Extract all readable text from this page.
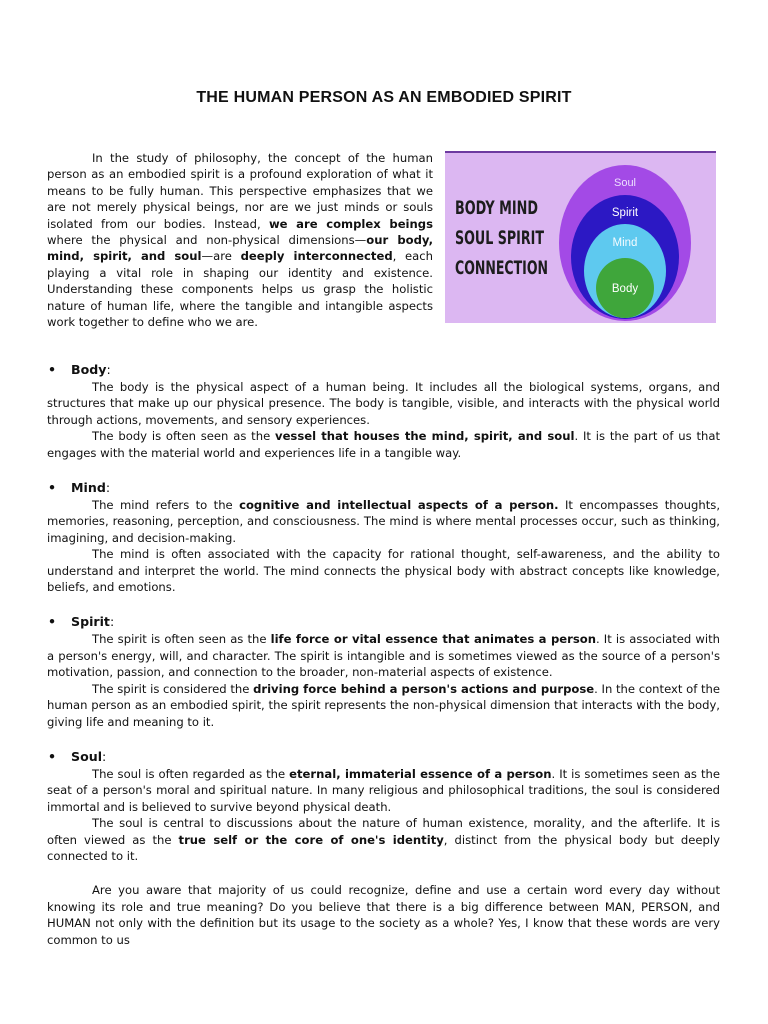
THE HUMAN PERSON AS AN EMBODIED SPIRIT

In the study of philosophy, the concept of the human person as an embodied spirit is a profound exploration of what it means to be fully human. This perspective emphasizes that we are not merely physical beings, nor are we just minds or souls isolated from our bodies. Instead, we are complex beings where the physical and non-physical dimensions—our body, mind, spirit, and soul—are deeply interconnected, each playing a vital role in shaping our identity and existence. Understanding these components helps us grasp the holistic nature of human life, where the tangible and intangible aspects work together to define who we are.

Soul
Spirit
Mind
Body
BODY MIND
SOUL SPIRIT
CONNECTION
•	Body :

The body is the physical aspect of a human being. It includes all the biological systems, organs, and structures that make up our physical presence. The body is tangible, visible, and interacts with the physical world through actions, movements, and sensory experiences.

The body is often seen as the vessel that houses the mind, spirit, and soul. It is the part of us that engages with the material world and experiences life in a tangible way.

•	Mind :

The mind refers to the cognitive and intellectual aspects of a person. It encompasses thoughts, memories, reasoning, perception, and consciousness. The mind is where mental processes occur, such as thinking, imagining, and decision-making.

The mind is often associated with the capacity for rational thought, self-awareness, and the ability to understand and interpret the world. The mind connects the physical body with abstract concepts like knowledge, beliefs, and emotions.

•	Spirit :

The spirit is often seen as the life force or vital essence that animates a person. It is associated with a person's energy, will, and character. The spirit is intangible and is sometimes viewed as the source of a person's motivation, passion, and connection to the broader, non-material aspects of existence.

The spirit is considered the driving force behind a person's actions and purpose. In the context of the human person as an embodied spirit, the spirit represents the non-physical dimension that interacts with the body, giving life and meaning to it.

•	Soul :

The soul is often regarded as the eternal, immaterial essence of a person. It is sometimes seen as the seat of a person's moral and spiritual nature. In many religious and philosophical traditions, the soul is considered immortal and is believed to survive beyond physical death.

The soul is central to discussions about the nature of human existence, morality, and the afterlife. It is often viewed as the true self or the core of one's identity, distinct from the physical body but deeply connected to it.

Are you aware that majority of us could recognize, define and use a certain word every day without knowing its role and true meaning? Do you believe that there is a big difference between MAN, PERSON, and HUMAN not only with the definition but its usage to the society as a whole? Yes, I know that these words are very common to us
